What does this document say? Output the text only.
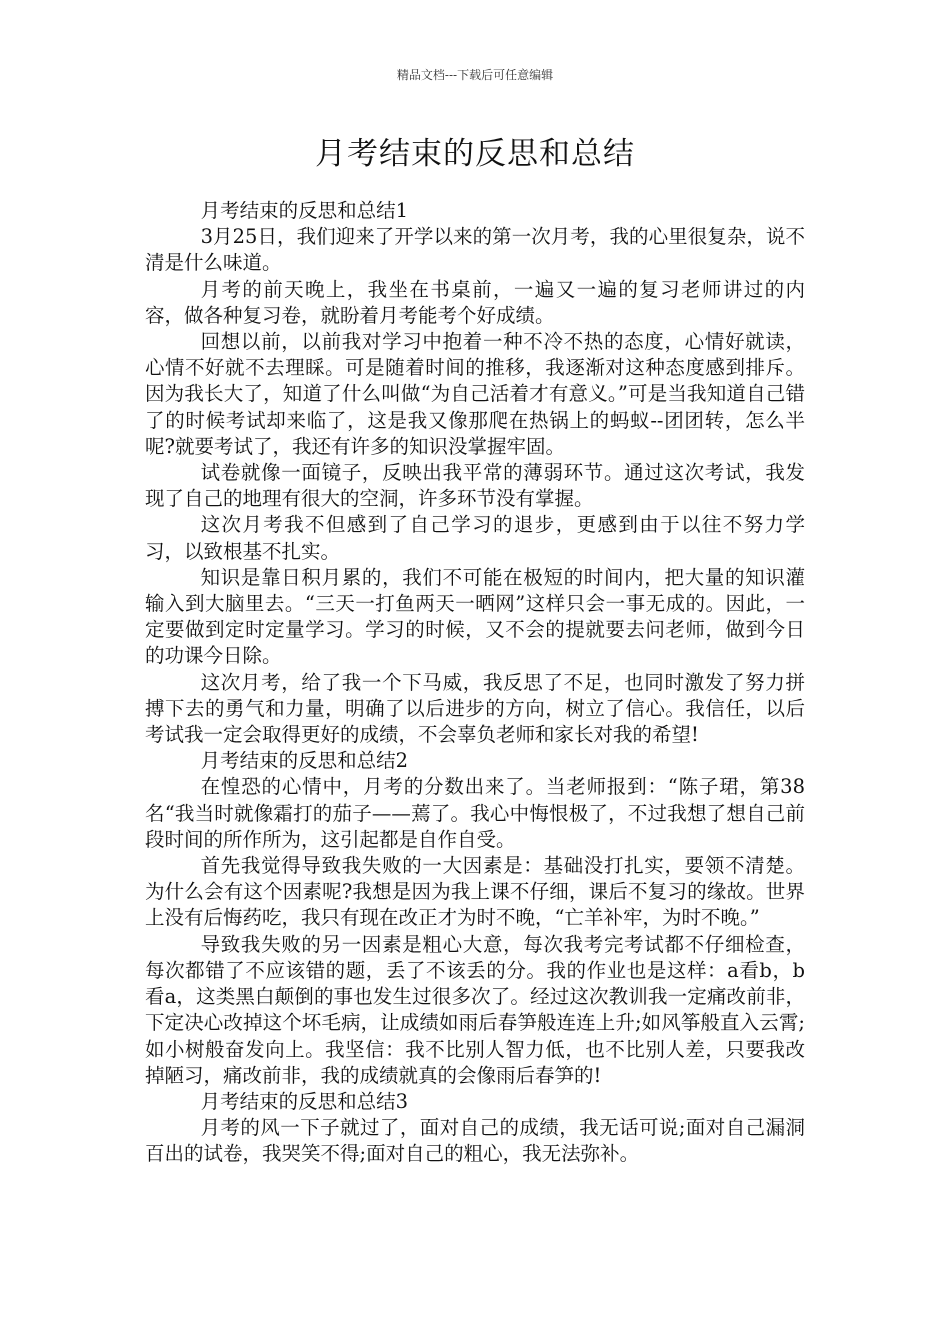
精品文档---下载后可任意编辑
月考结束的反思和总结

月考结束的反思和总结1

3月25日，我们迎来了开学以来的第一次月考，我的心里很复杂，说不清是什么味道。

月考的前天晚上，我坐在书桌前，一遍又一遍的复习老师讲过的内容，做各种复习卷，就盼着月考能考个好成绩。

回想以前，以前我对学习中抱着一种不冷不热的态度，心情好就读，心情不好就不去理睬。可是随着时间的推移，我逐渐对这种态度感到排斥。因为我长大了，知道了什么叫做“为自己活着才有意义。”可是当我知道自己错了的时候考试却来临了，这是我又像那爬在热锅上的蚂蚁--团团转，怎么半呢?就要考试了，我还有许多的知识没掌握牢固。

试卷就像一面镜子，反映出我平常的薄弱环节。通过这次考试，我发现了自己的地理有很大的空洞，许多环节没有掌握。

这次月考我不但感到了自己学习的退步，更感到由于以往不努力学习，以致根基不扎实。

知识是靠日积月累的，我们不可能在极短的时间内，把大量的知识灌输入到大脑里去。“三天一打鱼两天一晒网”这样只会一事无成的。因此，一定要做到定时定量学习。学习的时候，又不会的提就要去问老师，做到今日的功课今日除。

这次月考，给了我一个下马威，我反思了不足，也同时激发了努力拼搏下去的勇气和力量，明确了以后进步的方向，树立了信心。我信任，以后考试我一定会取得更好的成绩，不会辜负老师和家长对我的希望!

月考结束的反思和总结2

在惶恐的心情中，月考的分数出来了。当老师报到：“陈子珺，第38名“我当时就像霜打的茄子——蔫了。我心中悔恨极了，不过我想了想自己前段时间的所作所为，这引起都是自作自受。

首先我觉得导致我失败的一大因素是：基础没打扎实，要领不清楚。为什么会有这个因素呢?我想是因为我上课不仔细，课后不复习的缘故。世界上没有后悔药吃，我只有现在改正才为时不晚，“亡羊补牢，为时不晚。”

导致我失败的另一因素是粗心大意，每次我考完考试都不仔细检查，每次都错了不应该错的题，丢了不该丢的分。我的作业也是这样：a看b，b看a，这类黑白颠倒的事也发生过很多次了。经过这次教训我一定痛改前非，下定决心改掉这个坏毛病，让成绩如雨后春笋般连连上升;如风筝般直入云霄;如小树般奋发向上。我坚信：我不比别人智力低，也不比别人差，只要我改掉陋习，痛改前非，我的成绩就真的会像雨后春笋的!

月考结束的反思和总结3

月考的风一下子就过了，面对自己的成绩，我无话可说;面对自己漏洞百出的试卷，我哭笑不得;面对自己的粗心，我无法弥补。
